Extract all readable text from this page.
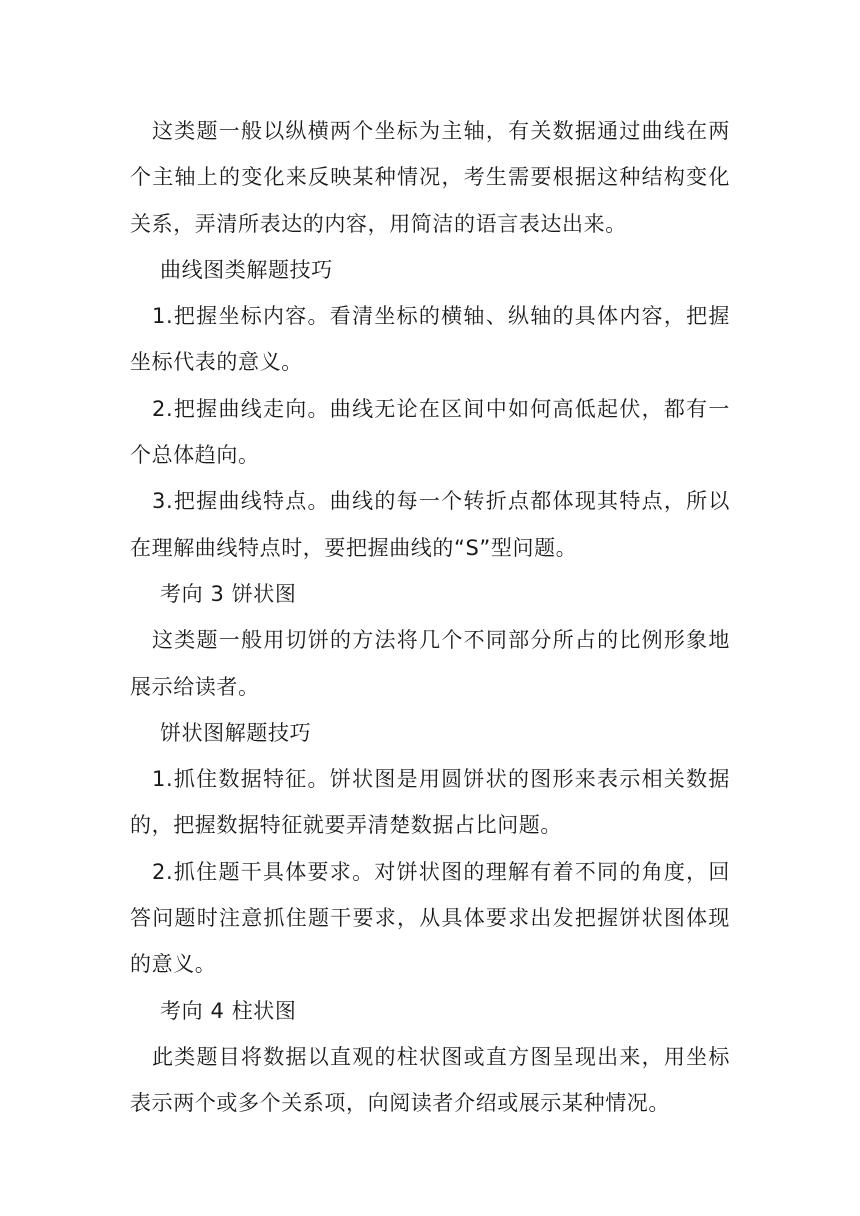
这类题一般以纵横两个坐标为主轴，有关数据通过曲线在两个主轴上的变化来反映某种情况，考生需要根据这种结构变化关系，弄清所表达的内容，用简洁的语言表达出来。

曲线图类解题技巧

1.把握坐标内容。看清坐标的横轴、纵轴的具体内容，把握坐标代表的意义。

2.把握曲线走向。曲线无论在区间中如何高低起伏，都有一个总体趋向。

3.把握曲线特点。曲线的每一个转折点都体现其特点，所以在理解曲线特点时，要把握曲线的“S”型问题。

考向 3 饼状图

这类题一般用切饼的方法将几个不同部分所占的比例形象地展示给读者。

饼状图解题技巧

1.抓住数据特征。饼状图是用圆饼状的图形来表示相关数据的，把握数据特征就要弄清楚数据占比问题。

2.抓住题干具体要求。对饼状图的理解有着不同的角度，回答问题时注意抓住题干要求，从具体要求出发把握饼状图体现的意义。

考向 4 柱状图

此类题目将数据以直观的柱状图或直方图呈现出来，用坐标表示两个或多个关系项，向阅读者介绍或展示某种情况。
